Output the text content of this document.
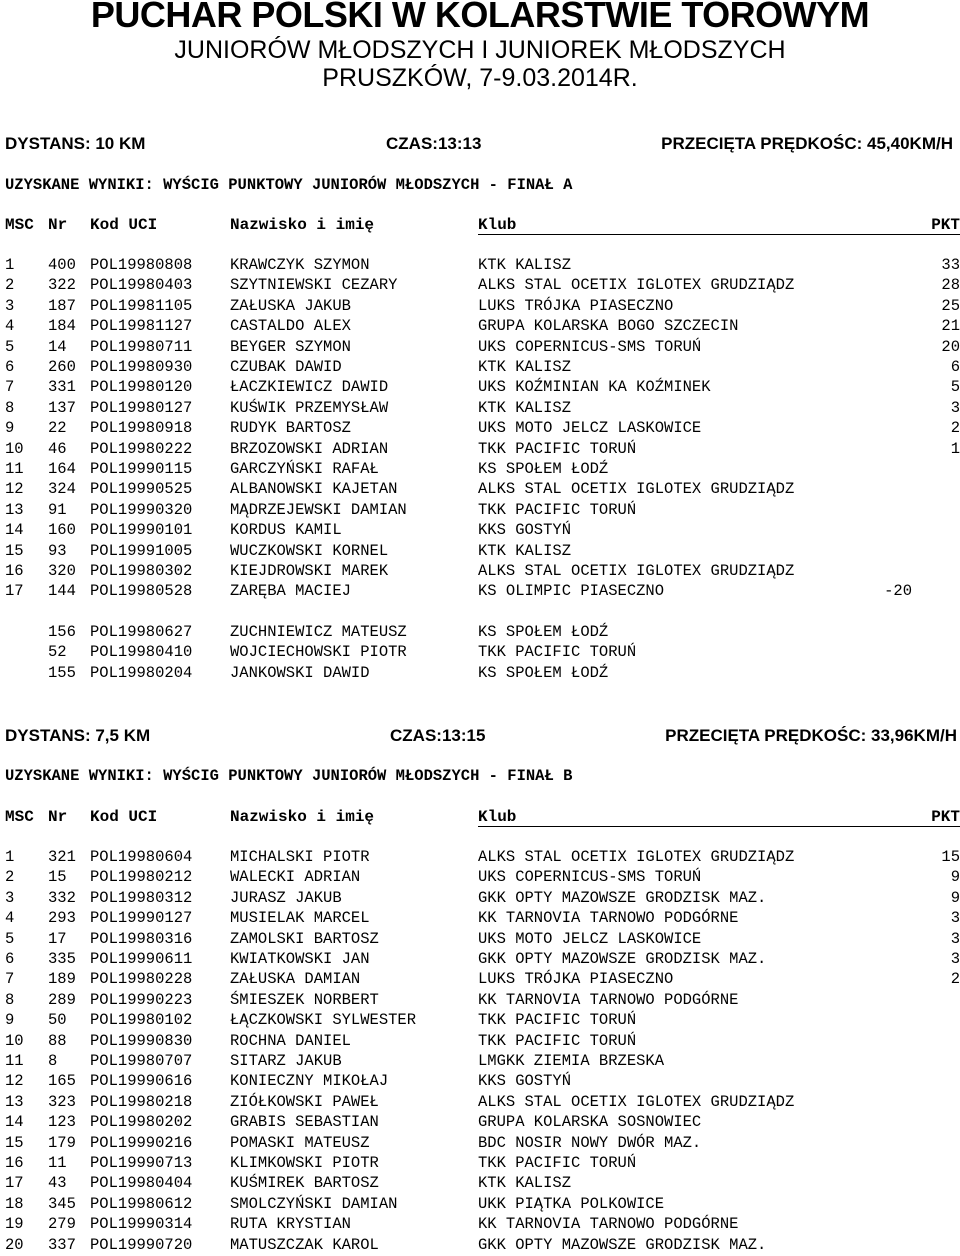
PUCHAR POLSKI W KOLARSTWIE TOROWYM
JUNIORÓW MŁODSZYCH I JUNIOREK MŁODSZYCH
PRUSZKÓW, 7-9.03.2014R.
DYSTANS: 10 KM	CZAS:13:13	PRZECIĘTA PRĘDKOŚC: 45,40KM/H
UZYSKANE WYNIKI: WYŚCIG PUNKTOWY JUNIORÓW MŁODSZYCH - FINAŁ A
MSC Nr Kod UCI	Nazwisko i imię	Klub	PKT
1 400 POL19980808 KRAWCZYK SZYMON	KTK KALISZ	33
2 322 POL19980403 SZYTNIEWSKI CEZARY	ALKS STAL OCETIX IGLOTEX GRUDZIĄDZ	28
3 187 POL19981105 ZAŁUSKA JAKUB	LUKS TRÓJKA PIASECZNO	25
4 184 POL19981127 CASTALDO ALEX	GRUPA KOLARSKA BOGO SZCZECIN	21
5 14 POL19980711 BEYGER SZYMON	UKS COPERNICUS-SMS TORUŃ	20
6 260 POL19980930 CZUBAK DAWID	KTK KALISZ	6
7 331 POL19980120 ŁACZKIEWICZ DAWID	UKS KOŹMINIAN KA KOŹMINEK	5
8 137 POL19980127 KUŚWIK PRZEMYSŁAW	KTK KALISZ	3
9 22 POL19980918 RUDYK BARTOSZ	UKS MOTO JELCZ LASKOWICE	2
10 46 POL19980222 BRZOZOWSKI ADRIAN	TKK PACIFIC TORUŃ	1
11 164 POL19990115 GARCZYŃSKI RAFAŁ	KS SPOŁEM ŁODŹ
12 324 POL19990525 ALBANOWSKI KAJETAN	ALKS STAL OCETIX IGLOTEX GRUDZIĄDZ
13 91 POL19990320 MĄDRZEJEWSKI DAMIAN	TKK PACIFIC TORUŃ
14 160 POL19990101 KORDUS KAMIL	KKS GOSTYŃ
15 93 POL19991005 WUCZKOWSKI KORNEL	KTK KALISZ
16 320 POL19980302 KIEJDROWSKI MAREK	ALKS STAL OCETIX IGLOTEX GRUDZIĄDZ
17 144 POL19980528 ZARĘBA MACIEJ	KS OLIMPIC PIASECZNO	-20
156 POL19980627 ZUCHNIEWICZ MATEUSZ	KS SPOŁEM ŁODŹ
52 POL19980410 WOJCIECHOWSKI PIOTR	TKK PACIFIC TORUŃ
155 POL19980204 JANKOWSKI DAWID	KS SPOŁEM ŁODŹ
DYSTANS: 7,5 KM	CZAS:13:15	PRZECIĘTA PRĘDKOŚC: 33,96KM/H
UZYSKANE WYNIKI: WYŚCIG PUNKTOWY JUNIORÓW MŁODSZYCH - FINAŁ B
MSC Nr Kod UCI	Nazwisko i imię	Klub	PKT
1 321 POL19980604 MICHALSKI PIOTR	ALKS STAL OCETIX IGLOTEX GRUDZIĄDZ	15
2 15 POL19980212 WALECKI ADRIAN	UKS COPERNICUS-SMS TORUŃ	9
3 332 POL19980312 JURASZ JAKUB	GKK OPTY MAZOWSZE GRODZISK MAZ.	9
4 293 POL19990127 MUSIELAK MARCEL	KK TARNOVIA TARNOWO PODGÓRNE	3
5 17 POL19980316 ZAMOLSKI BARTOSZ	UKS MOTO JELCZ LASKOWICE	3
6 335 POL19990611 KWIATKOWSKI JAN	GKK OPTY MAZOWSZE GRODZISK MAZ.	3
7 189 POL19980228 ZAŁUSKA DAMIAN	LUKS TRÓJKA PIASECZNO	2
8 289 POL19990223 ŚMIESZEK NORBERT	KK TARNOVIA TARNOWO PODGÓRNE
9 50 POL19980102 ŁĄCZKOWSKI SYLWESTER	TKK PACIFIC TORUŃ
10 88 POL19990830 ROCHNA DANIEL	TKK PACIFIC TORUŃ
11 8 POL19980707 SITARZ JAKUB	LMGKK ZIEMIA BRZESKA
12 165 POL19990616 KONIECZNY MIKOŁAJ	KKS GOSTYŃ
13 323 POL19980218 ZIÓŁKOWSKI PAWEŁ	ALKS STAL OCETIX IGLOTEX GRUDZIĄDZ
14 123 POL19980202 GRABIS SEBASTIAN	GRUPA KOLARSKA SOSNOWIEC
15 179 POL19990216 POMASKI MATEUSZ	BDC NOSIR NOWY DWÓR MAZ.
16 11 POL19990713 KLIMKOWSKI PIOTR	TKK PACIFIC TORUŃ
17 43 POL19980404 KUŚMIREK BARTOSZ	KTK KALISZ
18 345 POL19980612 SMOLCZYŃSKI DAMIAN	UKK PIĄTKA POLKOWICE
19 279 POL19990314 RUTA KRYSTIAN	KK TARNOVIA TARNOWO PODGÓRNE
20 337 POL19990720 MATUSZCZAK KAROL	GKK OPTY MAZOWSZE GRODZISK MAZ.
